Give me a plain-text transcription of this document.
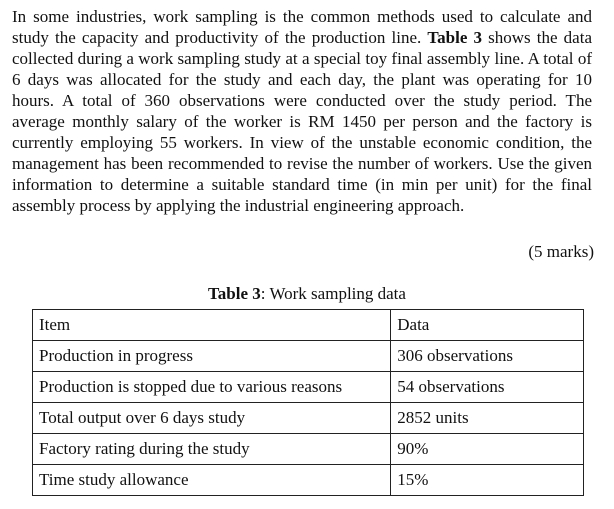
In some industries, work sampling is the common methods used to calculate and study the capacity and productivity of the production line. Table 3 shows the data collected during a work sampling study at a special toy final assembly line. A total of 6 days was allocated for the study and each day, the plant was operating for 10 hours. A total of 360 observations were conducted over the study period. The average monthly salary of the worker is RM 1450 per person and the factory is currently employing 55 workers. In view of the unstable economic condition, the management has been recommended to revise the number of workers. Use the given information to determine a suitable standard time (in min per unit) for the final assembly process by applying the industrial engineering approach.

(5 marks)
Table 3: Work sampling data
Item	Data
Production in progress	306 observations
Production is stopped due to various reasons	54 observations
Total output over 6 days study	2852 units
Factory rating during the study	90%
Time study allowance	15%
